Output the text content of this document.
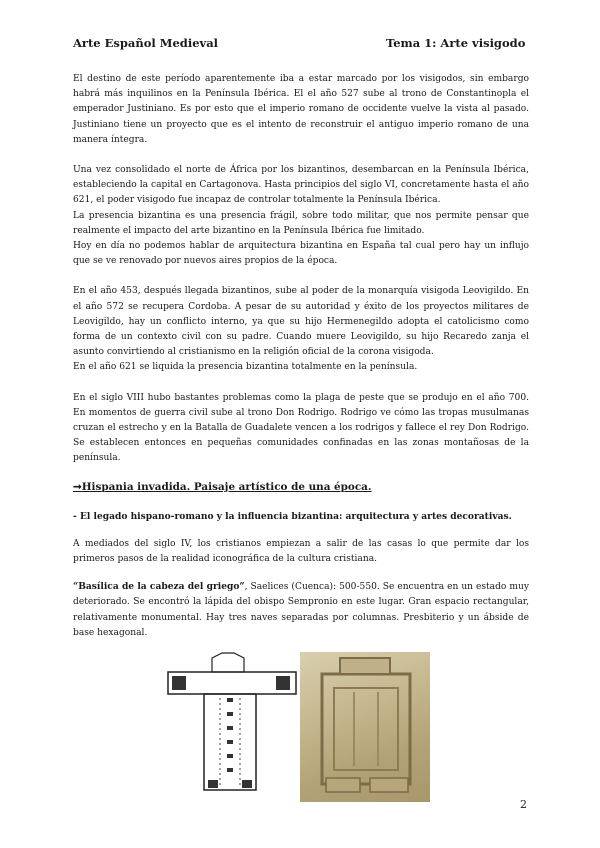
Arte Español Medieval	Tema 1: Arte visigodo

El destino de este período aparentemente iba a estar marcado por los visigodos, sin embargo habrá más inquilinos en la Península Ibérica. El el año 527 sube al trono de Constantinopla el emperador Justiniano. Es por esto que el imperio romano de occidente vuelve la vista al pasado. Justiniano tiene un proyecto que es el intento de reconstruir el antiguo imperio romano de una manera íntegra.

Una vez consolidado el norte de África por los bizantinos, desembarcan en la Península Ibérica, estableciendo la capital en Cartagonova. Hasta principios del siglo VI, concretamente hasta el año 621, el poder visigodo fue incapaz de controlar totalmente la Península Ibérica.

La presencia bizantina es una presencia frágil, sobre todo militar, que nos permite pensar que realmente el impacto del arte bizantino en la Península Ibérica fue limitado.

Hoy en día no podemos hablar de arquitectura bizantina en España tal cual pero hay un influjo que se ve renovado por nuevos aires propios de la época.

En el año 453, después llegada bizantinos, sube al poder de la monarquía visigoda Leovigildo. En el año 572 se recupera Cordoba. A pesar de su autoridad y éxito de los proyectos militares de Leovigildo, hay un conflicto interno, ya que su hijo Hermenegildo adopta el catolicismo como forma de un contexto civil con su padre. Cuando muere Leovigildo, su hijo Recaredo zanja el asunto convirtiendo al cristianismo en la religión oficial de la corona visigoda.

En el año 621 se liquida la presencia bizantina totalmente en la península.

En el siglo VIII hubo bastantes problemas como la plaga de peste que se produjo en el año 700. En momentos de guerra civil sube al trono Don Rodrigo. Rodrigo ve cómo las tropas musulmanas cruzan el estrecho y en la Batalla de Guadalete vencen a los rodrigos y fallece el rey Don Rodrigo. Se establecen entonces en pequeñas comunidades confinadas en las zonas montañosas de la península.

➞Hispania invadida. Paisaje artístico de una época.

- El legado hispano-romano y la influencia bizantina: arquitectura y artes decorativas.

A mediados del siglo IV, los cristianos empiezan a salir de las casas lo que permite dar los primeros pasos de la realidad iconográfica de la cultura cristiana.

“Basílica de la cabeza del griego”, Saelices (Cuenca): 500-550. Se encuentra en un estado muy deteriorado. Se encontró la lápida del obispo Sempronio en este lugar. Gran espacio rectangular, relativamente monumental. Hay tres naves separadas por columnas. Presbiterio y un ábside de base hexagonal.

2
